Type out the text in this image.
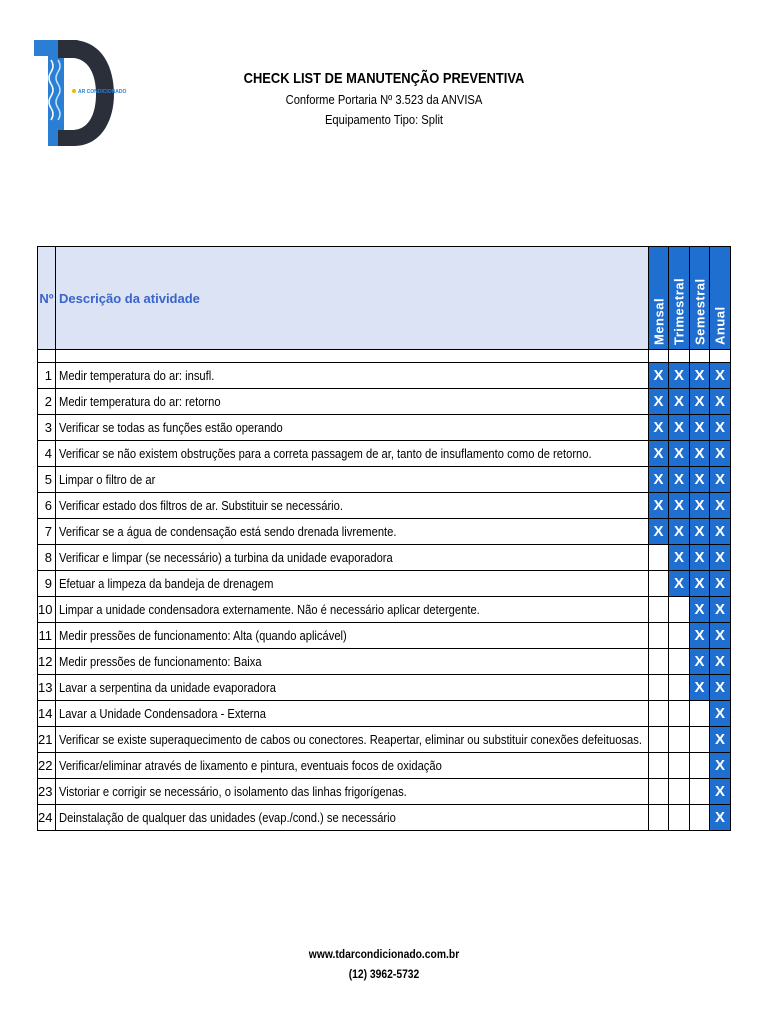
AR CONDICIONADO
CHECK LIST DE MANUTENÇÃO PREVENTIVA
Conforme Portaria Nº 3.523 da ANVISA
Equipamento Tipo: Split
Nº	Descrição da atividade	Mensal	Trimestral	Semestral	Anual

1	Medir temperatura do ar: insufl.	X	X	X	X
2	Medir temperatura do ar: retorno	X	X	X	X
3	Verificar se todas as funções estão operando	X	X	X	X
4	Verificar se não existem obstruções para a correta passagem de ar, tanto de insuflamento como de retorno.	X	X	X	X
5	Limpar o filtro de ar	X	X	X	X
6	Verificar estado dos filtros de ar. Substituir se necessário.	X	X	X	X
7	Verificar se a água de condensação está sendo drenada livremente.	X	X	X	X
8	Verificar e limpar (se necessário) a turbina da unidade evaporadora		X	X	X
9	Efetuar a limpeza da bandeja de drenagem		X	X	X
10	Limpar a unidade condensadora externamente. Não é necessário aplicar detergente.			X	X
11	Medir pressões de funcionamento: Alta (quando aplicável)			X	X
12	Medir pressões de funcionamento: Baixa			X	X
13	Lavar a serpentina da unidade evaporadora			X	X
14	Lavar a Unidade Condensadora - Externa				X
21	Verificar se existe superaquecimento de cabos ou conectores. Reapertar, eliminar ou substituir conexões defeituosas.				X
22	Verificar/eliminar através de lixamento e pintura, eventuais focos de oxidação				X
23	Vistoriar e corrigir se necessário, o isolamento das linhas frigorígenas.				X
24	Deinstalação de qualquer das unidades (evap./cond.) se necessário				X
www.tdarcondicionado.com.br
(12) 3962-5732
